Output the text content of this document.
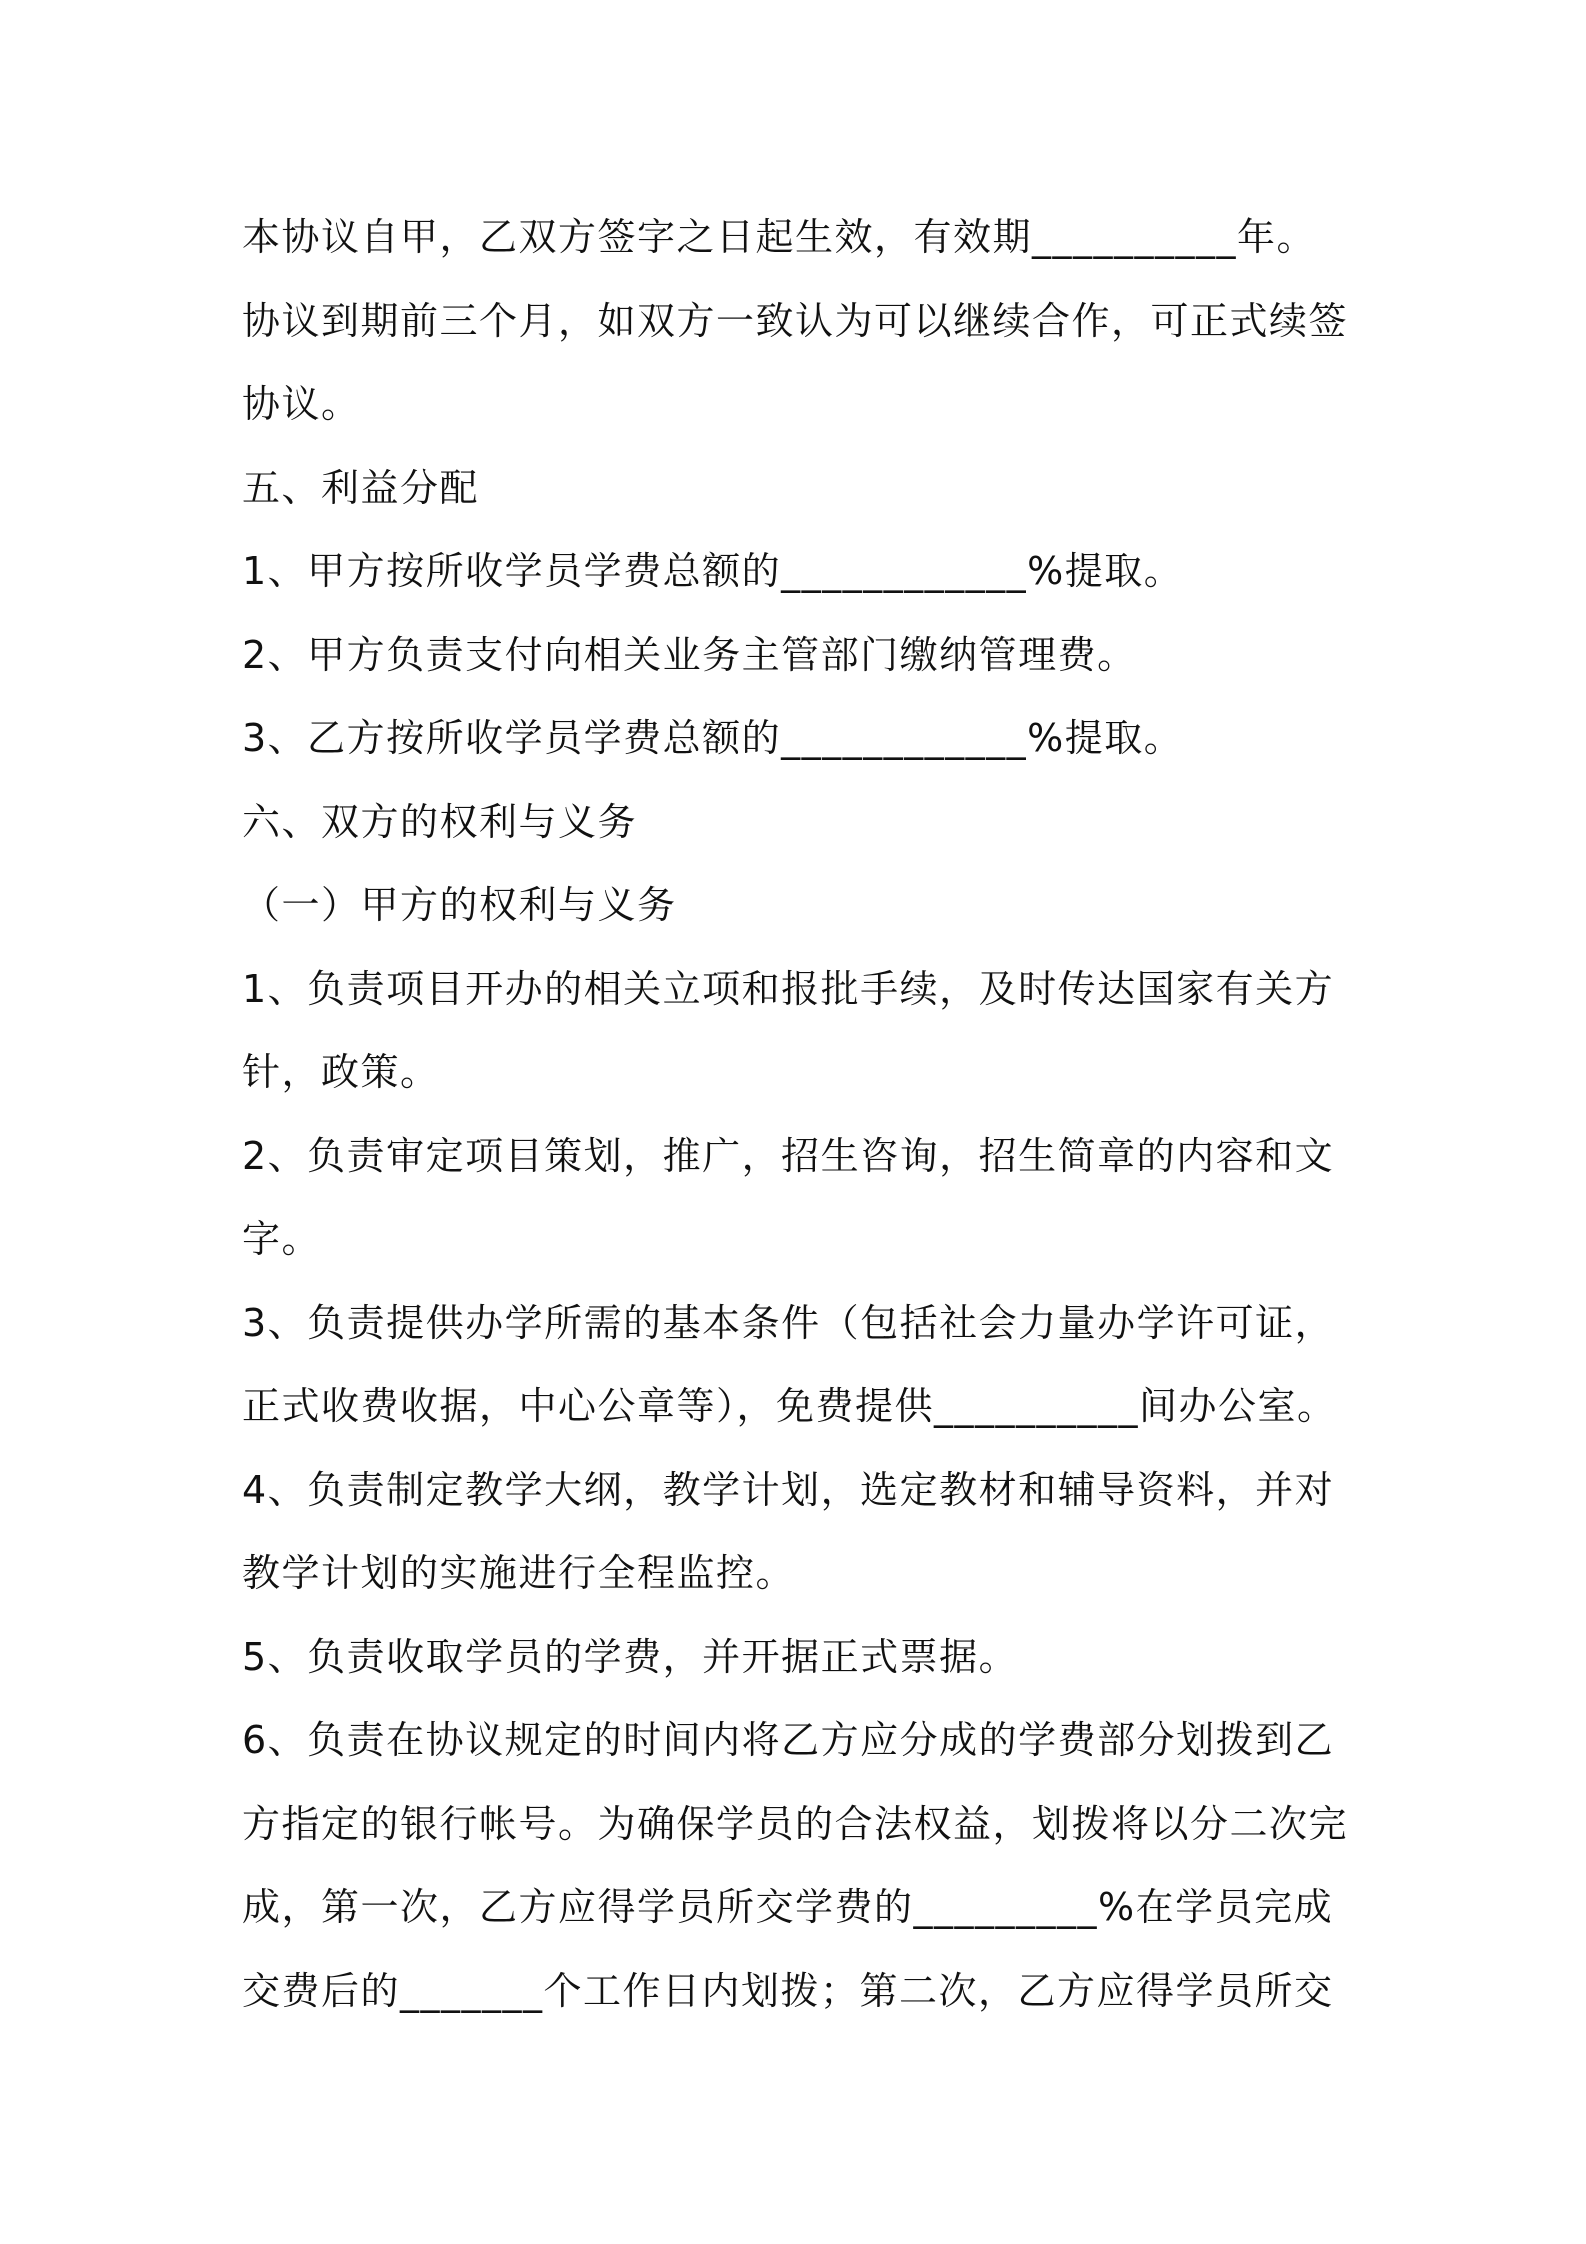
本协议自甲，乙双方签字之日起生效，有效期__________年。
协议到期前三个月，如双方一致认为可以继续合作，可正式续签
协议。
五、利益分配
1、甲方按所收学员学费总额的____________%提取。
2、甲方负责支付向相关业务主管部门缴纳管理费。
3、乙方按所收学员学费总额的____________%提取。
六、双方的权利与义务
（一）甲方的权利与义务
1、负责项目开办的相关立项和报批手续，及时传达国家有关方
针，政策。
2、负责审定项目策划，推广，招生咨询，招生简章的内容和文
字。
3、负责提供办学所需的基本条件（包括社会力量办学许可证，
正式收费收据，中心公章等），免费提供__________间办公室。
4、负责制定教学大纲，教学计划，选定教材和辅导资料，并对
教学计划的实施进行全程监控。
5、负责收取学员的学费，并开据正式票据。
6、负责在协议规定的时间内将乙方应分成的学费部分划拨到乙
方指定的银行帐号。为确保学员的合法权益，划拨将以分二次完
成，第一次，乙方应得学员所交学费的_________%在学员完成
交费后的_______个工作日内划拨；第二次，乙方应得学员所交
